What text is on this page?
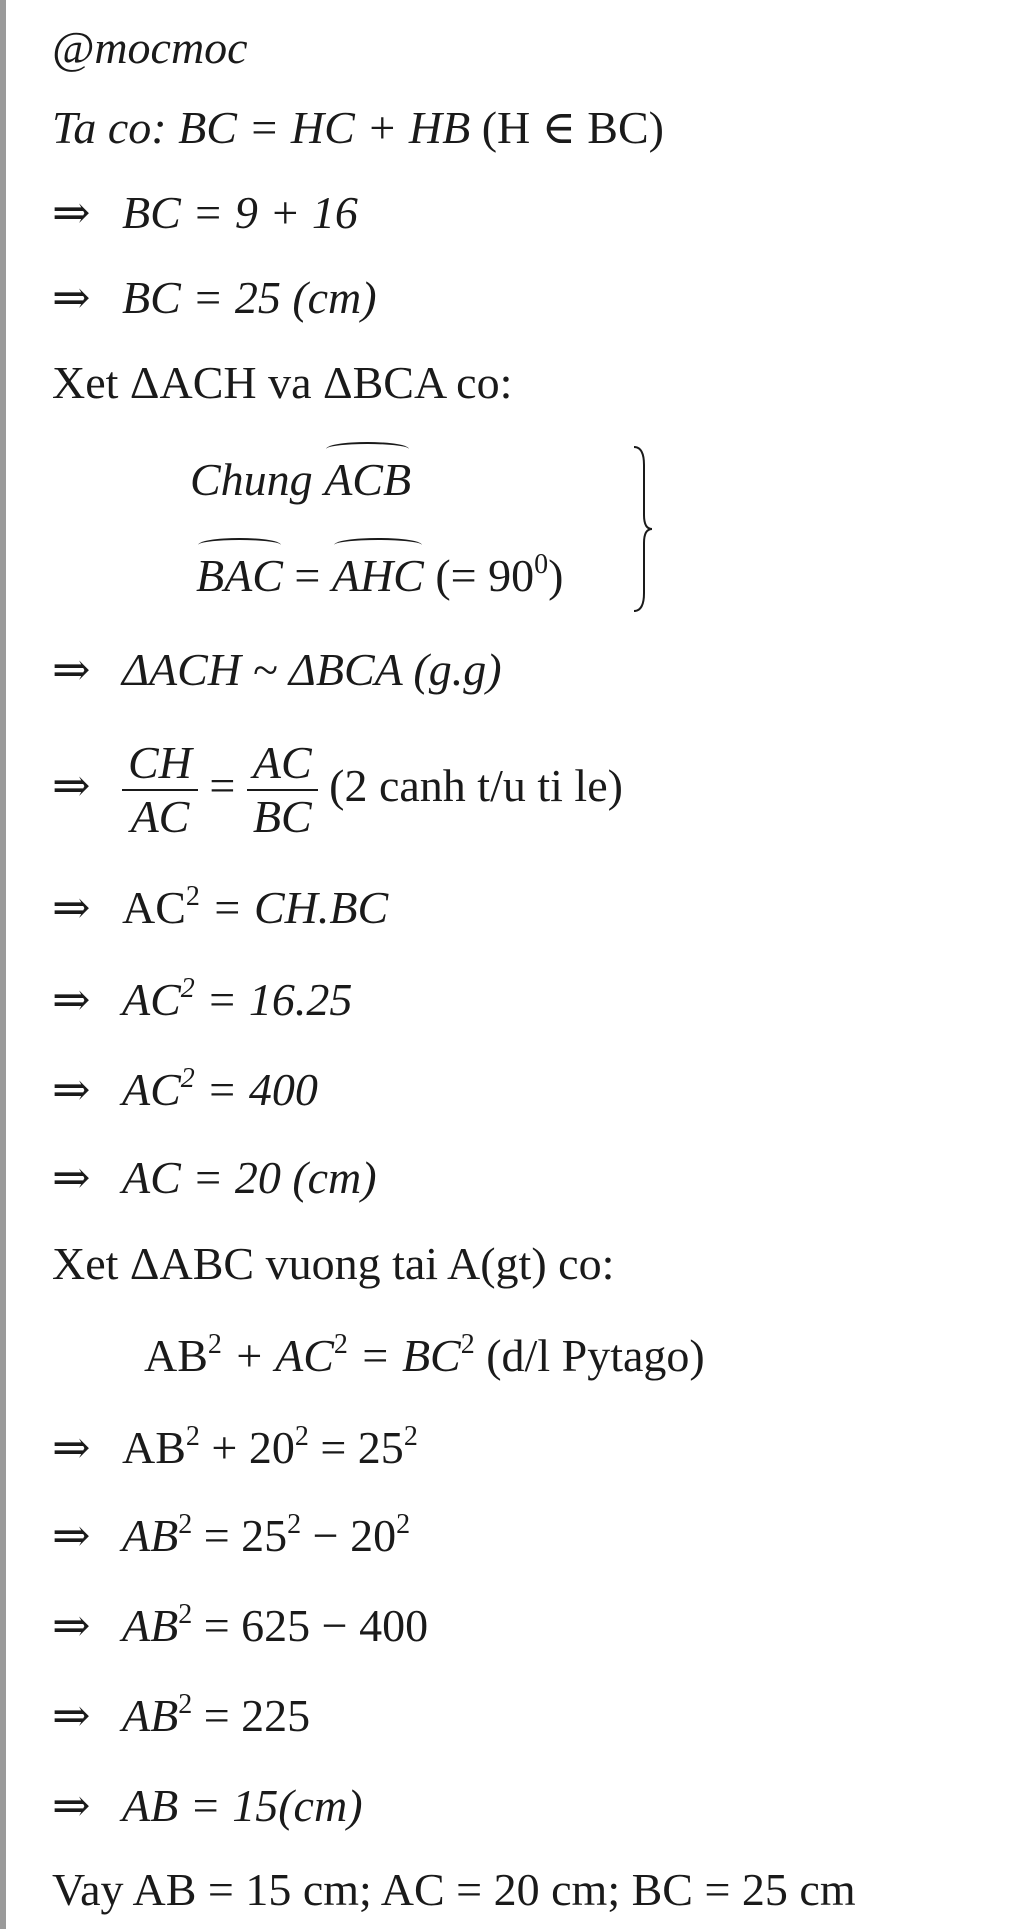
@mocmoc
Ta co: BC = HC + HB (H ∈ BC)
⇒ BC = 9 + 16
⇒ BC = 25 (cm)
Xet ΔACH va ΔBCA co:
Chung ACB
BAC = AHC (= $90^0$)
⇒ ΔACH ~ ΔBCA (g.g)
⇒ $\frac{CH}{AC} = \frac{AC}{BC} (2$ canh t/u ti le)
⇒ $AC^2 = CH.BC$
⇒ $AC^2 = 16.25$
⇒ $AC^2 = 400$
⇒ AC = 20 (cm)
Xet ΔABC vuong tai A(gt) co:
$AB^2 + AC^2 = BC^2$ (d/l Pytago)
⇒ $AB^2 + 20^2 = 25^2$
⇒ $AB^2 = 25^2 - 20^2$
⇒ $AB^2 = 625 - 400$
⇒ $AB^2 = 225$
⇒ AB = 15(cm)
Vay AB = 15 cm; AC = 20 cm; BC = 25 cm
